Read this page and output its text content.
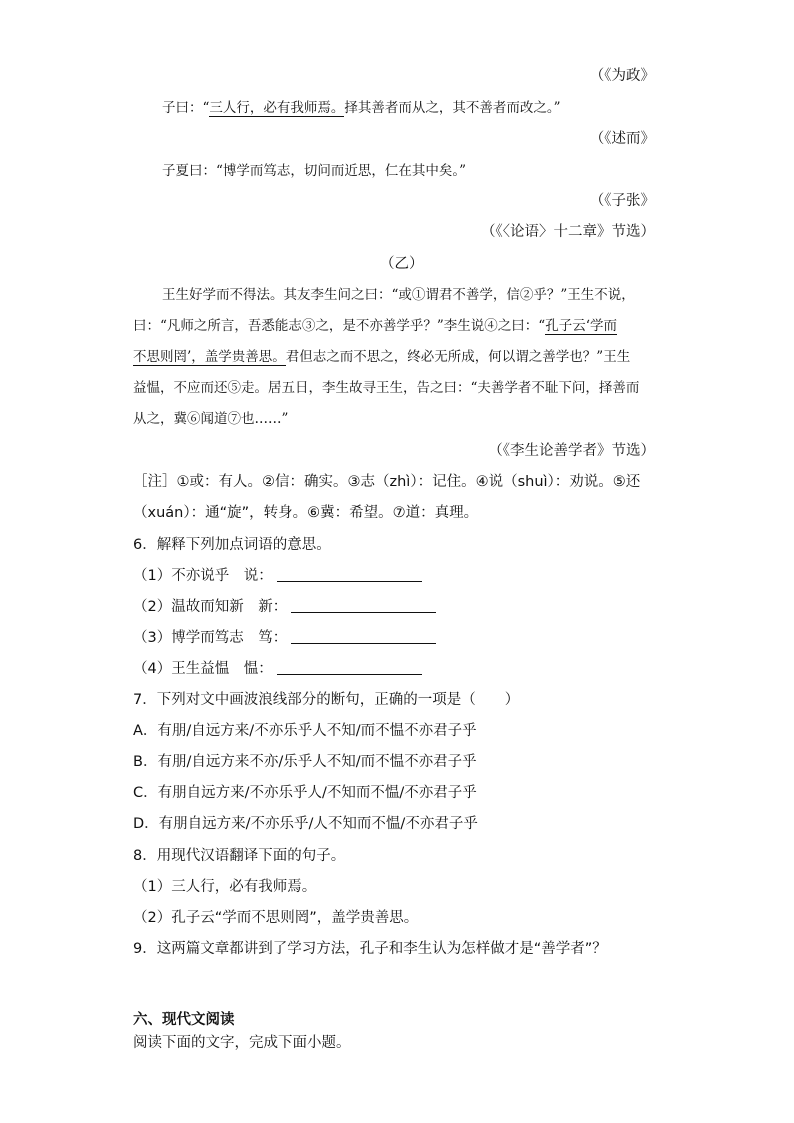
（《为政》
子曰：“三人行，必有我师焉。择其善者而从之，其不善者而改之。”
（《述而》
子夏曰：“博学而笃志，切问而近思，仁在其中矣。”
（《子张》
（《〈论语〉十二章》节选）
（乙）
王生好学而不得法。其友李生问之曰：“或①谓君不善学，信②乎？”王生不说，
曰：“凡师之所言，吾悉能志③之，是不亦善学乎？”李生说④之曰：“孔子云‘学而
不思则罔’，盖学贵善思。君但志之而不思之，终必无所成，何以谓之善学也？”王生
益愠，不应而还⑤走。居五日，李生故寻王生，告之曰：“夫善学者不耻下问，择善而
从之，冀⑥闻道⑦也……”
（《李生论善学者》节选）
［注］①或：有人。②信：确实。③志（zhì）：记住。④说（shuì）：劝说。⑤还
（xuán）：通“旋”，转身。⑥冀：希望。⑦道：真理。
6．解释下列加点词语的意思。
（1）不亦说乎　说：
（2）温故而知新　新：
（3）博学而笃志　笃：
（4）王生益愠　愠：
7．下列对文中画波浪线部分的断句，正确的一项是（　　）
A．有朋/自远方来/不亦乐乎人不知/而不愠不亦君子乎
B．有朋/自远方来不亦/乐乎人不知/而不愠不亦君子乎
C．有朋自远方来/不亦乐乎人/不知而不愠/不亦君子乎
D．有朋自远方来/不亦乐乎/人不知而不愠/不亦君子乎
8．用现代汉语翻译下面的句子。
（1）三人行，必有我师焉。
（2）孔子云“学而不思则罔”，盖学贵善思。
9．这两篇文章都讲到了学习方法，孔子和李生认为怎样做才是“善学者”？
六、现代文阅读
阅读下面的文字，完成下面小题。
